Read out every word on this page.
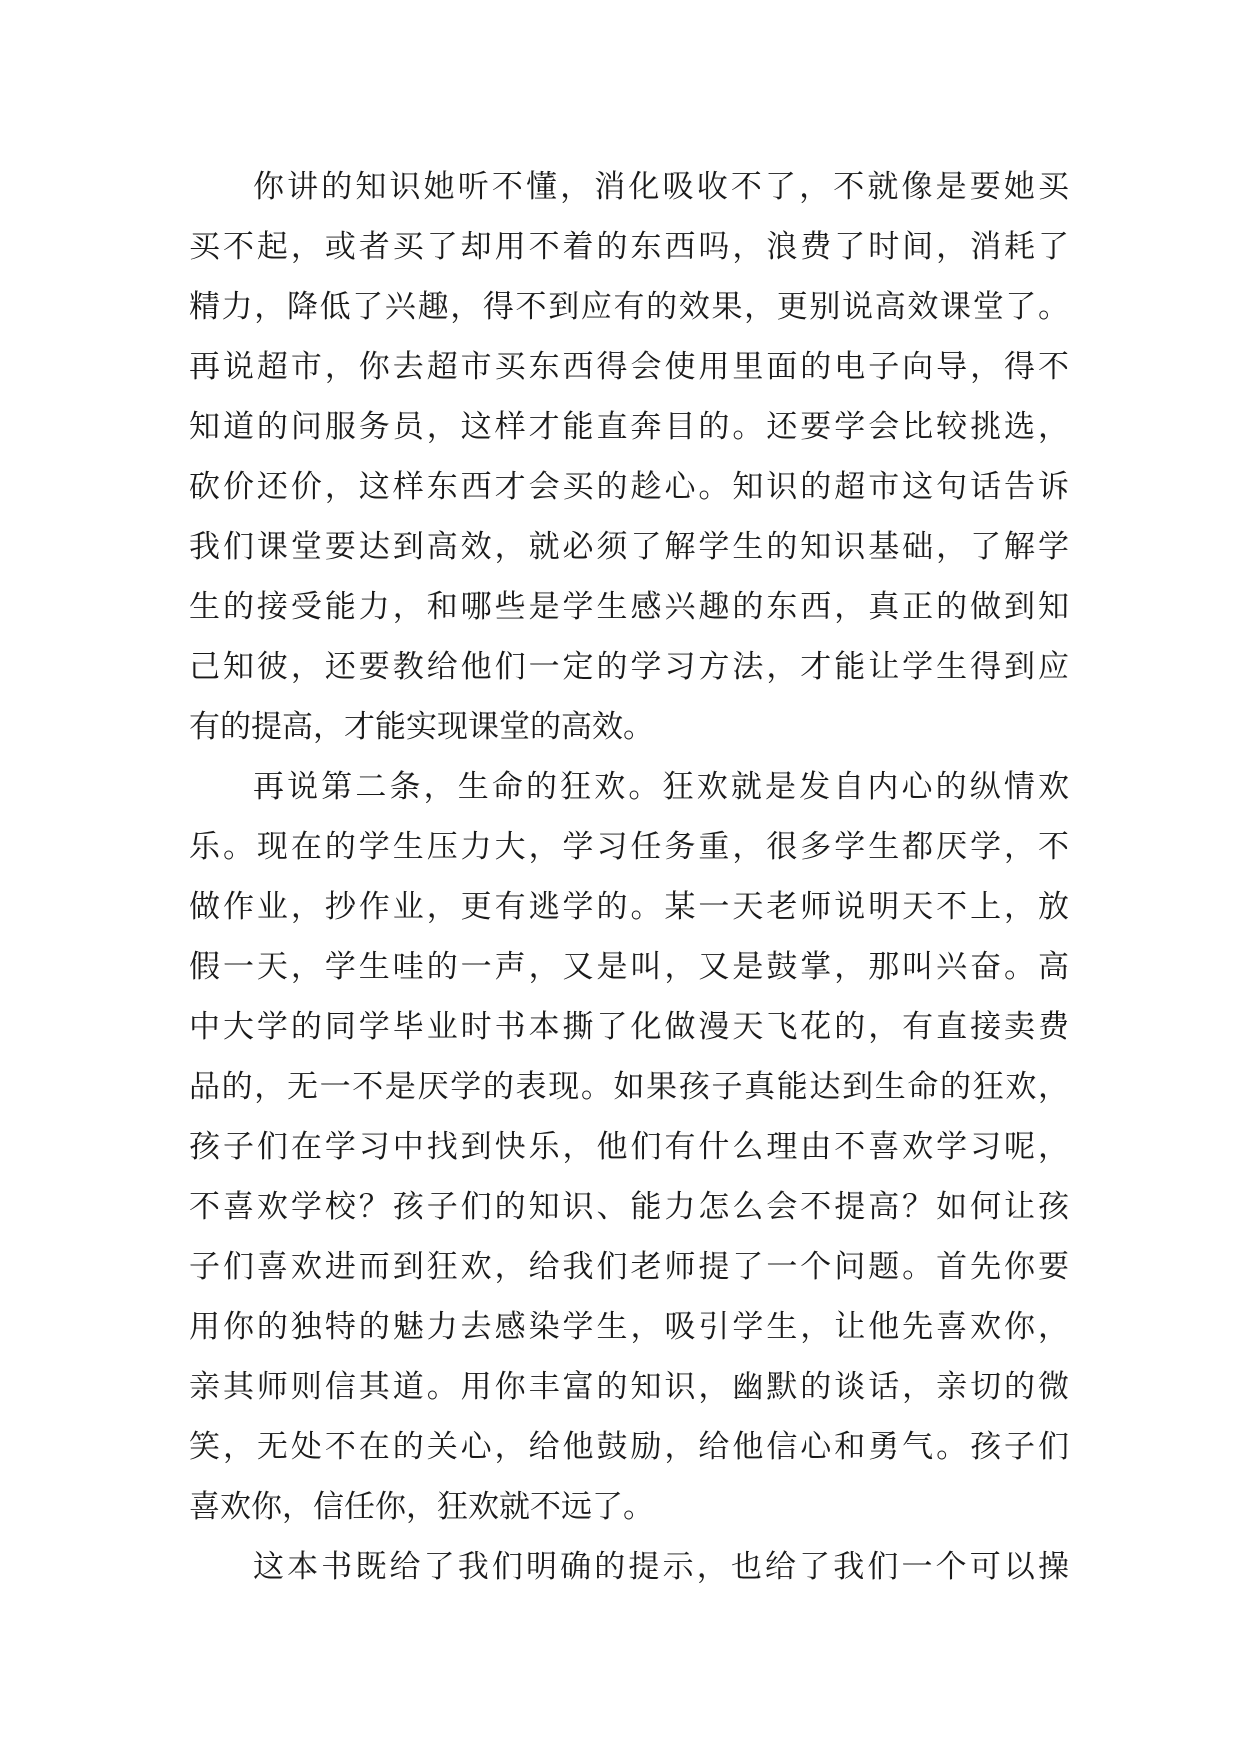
你讲的知识她听不懂，消化吸收不了，不就像是要她买
买不起，或者买了却用不着的东西吗，浪费了时间，消耗了
精力，降低了兴趣，得不到应有的效果，更别说高效课堂了。
再说超市，你去超市买东西得会使用里面的电子向导，得不
知道的问服务员，这样才能直奔目的。还要学会比较挑选，
砍价还价，这样东西才会买的趁心。知识的超市这句话告诉
我们课堂要达到高效，就必须了解学生的知识基础，了解学
生的接受能力，和哪些是学生感兴趣的东西，真正的做到知
己知彼，还要教给他们一定的学习方法，才能让学生得到应
有的提高，才能实现课堂的高效。
再说第二条，生命的狂欢。狂欢就是发自内心的纵情欢
乐。现在的学生压力大，学习任务重，很多学生都厌学，不
做作业，抄作业，更有逃学的。某一天老师说明天不上，放
假一天，学生哇的一声，又是叫，又是鼓掌，那叫兴奋。高
中大学的同学毕业时书本撕了化做漫天飞花的，有直接卖费
品的，无一不是厌学的表现。如果孩子真能达到生命的狂欢，
孩子们在学习中找到快乐，他们有什么理由不喜欢学习呢，
不喜欢学校？孩子们的知识、能力怎么会不提高？如何让孩
子们喜欢进而到狂欢，给我们老师提了一个问题。首先你要
用你的独特的魅力去感染学生，吸引学生，让他先喜欢你，
亲其师则信其道。用你丰富的知识，幽默的谈话，亲切的微
笑，无处不在的关心，给他鼓励，给他信心和勇气。孩子们
喜欢你，信任你，狂欢就不远了。
这本书既给了我们明确的提示，也给了我们一个可以操
